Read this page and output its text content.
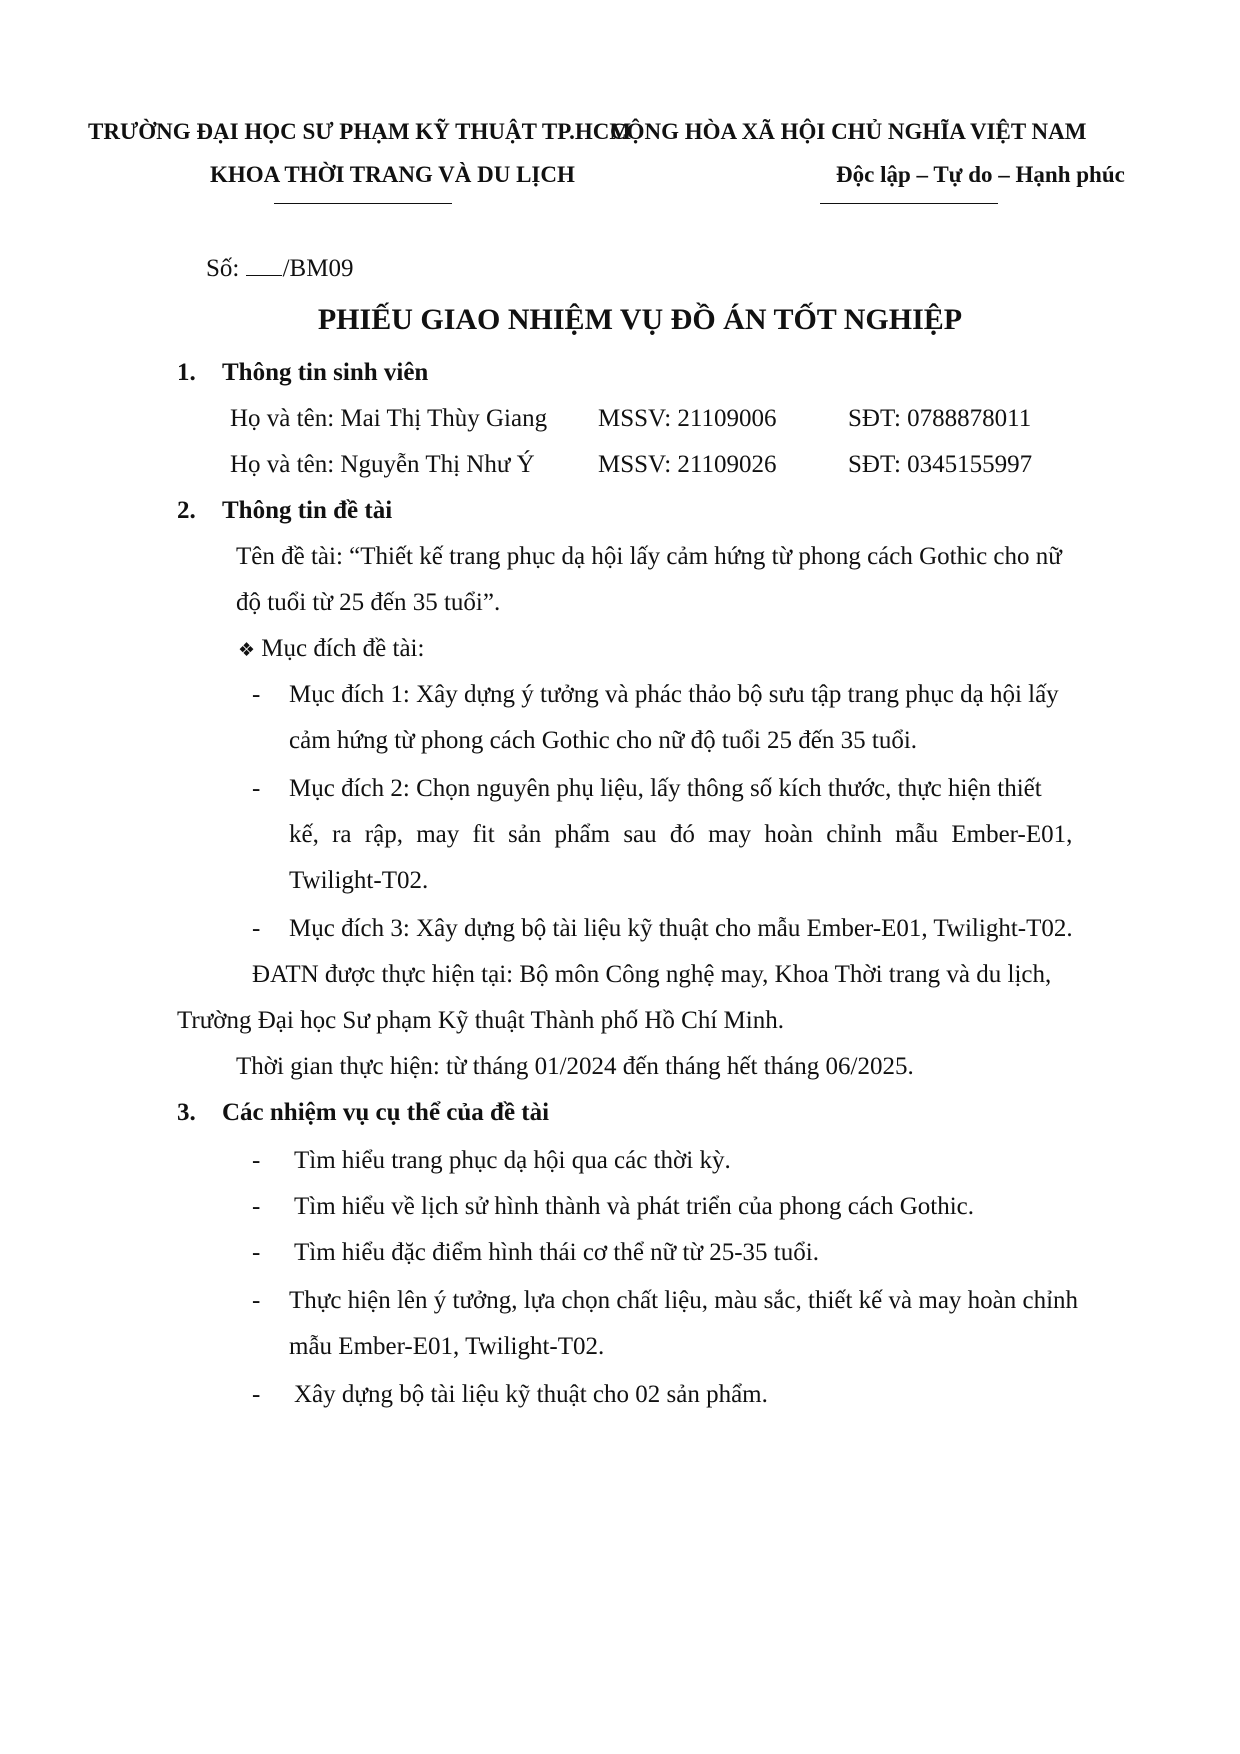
TRƯỜNG ĐẠI HỌC SƯ PHẠM KỸ THUẬT TP.HCM
KHOA THỜI TRANG VÀ DU LỊCH
CỘNG HÒA XÃ HỘI CHỦ NGHĨA VIỆT NAM
Độc lập – Tự do – Hạnh phúc
Số: /BM09
PHIẾU GIAO NHIỆM VỤ ĐỒ ÁN TỐT NGHIỆP
1. Thông tin sinh viên
Họ và tên: Mai Thị Thùy Giang MSSV: 21109006	SĐT: 0788878011
Họ và tên: Nguyễn Thị Như Ý	MSSV: 21109026	SĐT: 0345155997
2. Thông tin đề tài
Tên đề tài: “Thiết kế trang phục dạ hội lấy cảm hứng từ phong cách Gothic cho nữ
độ tuổi từ 25 đến 35 tuổi”.
❖ Mục đích đề tài:
- Mục đích 1: Xây dựng ý tưởng và phác thảo bộ sưu tập trang phục dạ hội lấy
cảm hứng từ phong cách Gothic cho nữ độ tuổi 25 đến 35 tuổi.
- Mục đích 2: Chọn nguyên phụ liệu, lấy thông số kích thước, thực hiện thiết
kế, ra rập, may fit sản phẩm sau đó may hoàn chỉnh mẫu Ember-E01,
Twilight-T02.
- Mục đích 3: Xây dựng bộ tài liệu kỹ thuật cho mẫu Ember-E01, Twilight-T02.
ĐATN được thực hiện tại: Bộ môn Công nghệ may, Khoa Thời trang và du lịch,
Trường Đại học Sư phạm Kỹ thuật Thành phố Hồ Chí Minh.
Thời gian thực hiện: từ tháng 01/2024 đến tháng hết tháng 06/2025.
3. Các nhiệm vụ cụ thể của đề tài
- Tìm hiểu trang phục dạ hội qua các thời kỳ.
- Tìm hiểu về lịch sử hình thành và phát triển của phong cách Gothic.
- Tìm hiểu đặc điểm hình thái cơ thể nữ từ 25-35 tuổi.
- Thực hiện lên ý tưởng, lựa chọn chất liệu, màu sắc, thiết kế và may hoàn chỉnh
mẫu Ember-E01, Twilight-T02.
- Xây dựng bộ tài liệu kỹ thuật cho 02 sản phẩm.
